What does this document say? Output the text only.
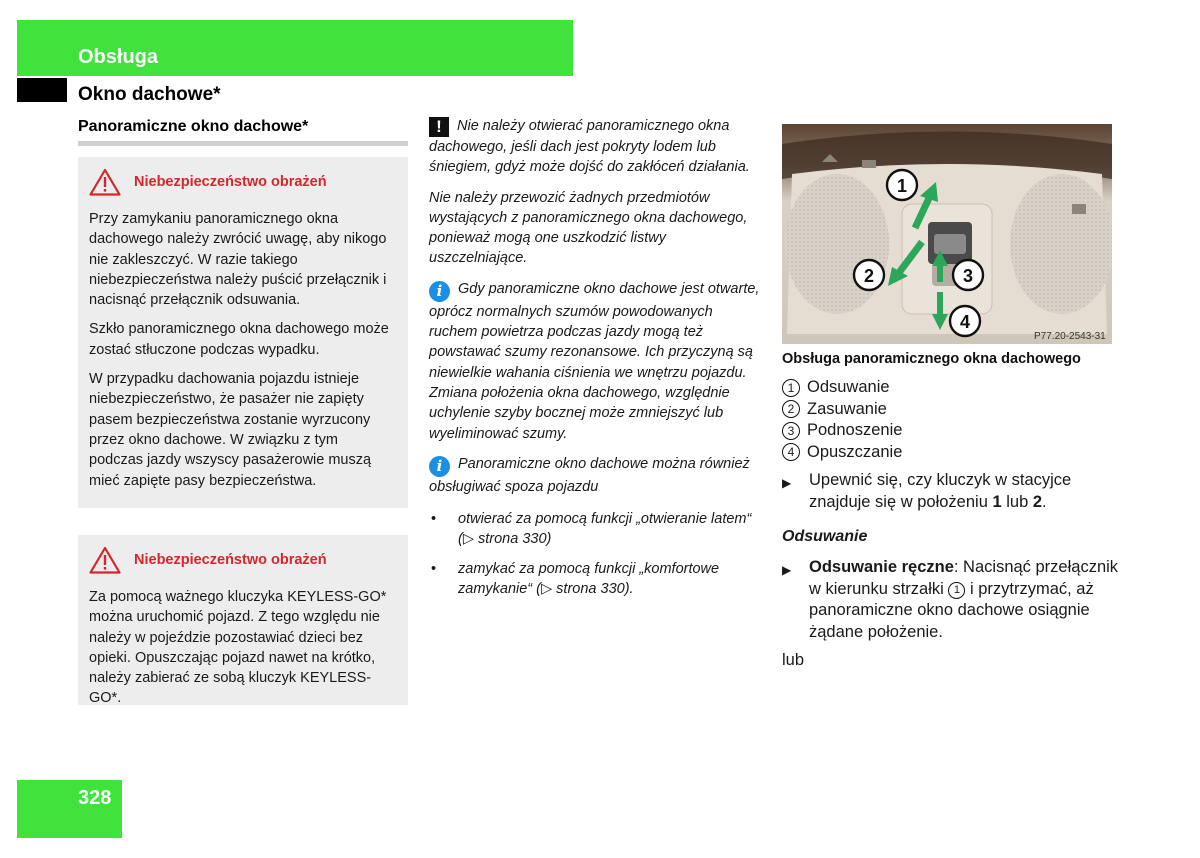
Obsługa
Okno dachowe*
Panoramiczne okno dachowe*
Niebezpieczeństwo obrażeń

Przy zamykaniu panoramicznego okna dachowego należy zwrócić uwagę, aby nikogo nie zakleszczyć. W razie takiego niebezpieczeństwa należy puścić przełącznik i nacisnąć przełącznik odsuwania.

Szkło panoramicznego okna dachowego może zostać stłuczone podczas wypadku.

W przypadku dachowania pojazdu istnieje niebezpieczeństwo, że pasażer nie zapięty pasem bezpieczeństwa zostanie wyrzucony przez okno dachowe. W związku z tym podczas jazdy wszyscy pasażerowie muszą mieć zapięte pasy bezpieczeństwa.

Niebezpieczeństwo obrażeń

Za pomocą ważnego kluczyka KEYLESS-GO* można uruchomić pojazd. Z tego względu nie należy w pojeździe pozostawiać dzieci bez opieki. Opuszczając pojazd nawet na krótko, należy zabierać ze sobą kluczyk KEYLESS-GO*.

! Nie należy otwierać panoramicznego okna dachowego, jeśli dach jest pokryty lodem lub śniegiem, gdyż może dojść do zakłóceń działania.

Nie należy przewozić żadnych przedmiotów wystających z panoramicznego okna dachowego, ponieważ mogą one uszkodzić listwy uszczelniające.

i Gdy panoramiczne okno dachowe jest otwarte, oprócz normalnych szumów powodowanych ruchem powietrza podczas jazdy mogą też powstawać szumy rezonansowe. Ich przyczyną są niewielkie wahania ciśnienia we wnętrzu pojazdu. Zmiana położenia okna dachowego, względnie uchylenie szyby bocznej może zmniejszyć lub wyeliminować szumy.

i Panoramiczne okno dachowe można również obsługiwać spoza pojazdu

•	otwierać za pomocą funkcji „otwieranie latem“ (▷ strona 330)
•	zamykać za pomocą funkcji „komfortowe zamykanie“ (▷ strona 330).
1
2	3
4
P77.20-2543-31
Obsługa panoramicznego okna dachowego
1 Odsuwanie
2 Zasuwanie
3 Podnoszenie
4 Opuszczanie
▶	Upewnić się, czy kluczyk w stacyjce znajduje się w położeniu 1 lub 2.
Odsuwanie
▶	Odsuwanie ręczne: Nacisnąć przełącznik w kierunku strzałki 1 i przytrzymać, aż panoramiczne okno dachowe osiągnie żądane położenie.
lub
328
